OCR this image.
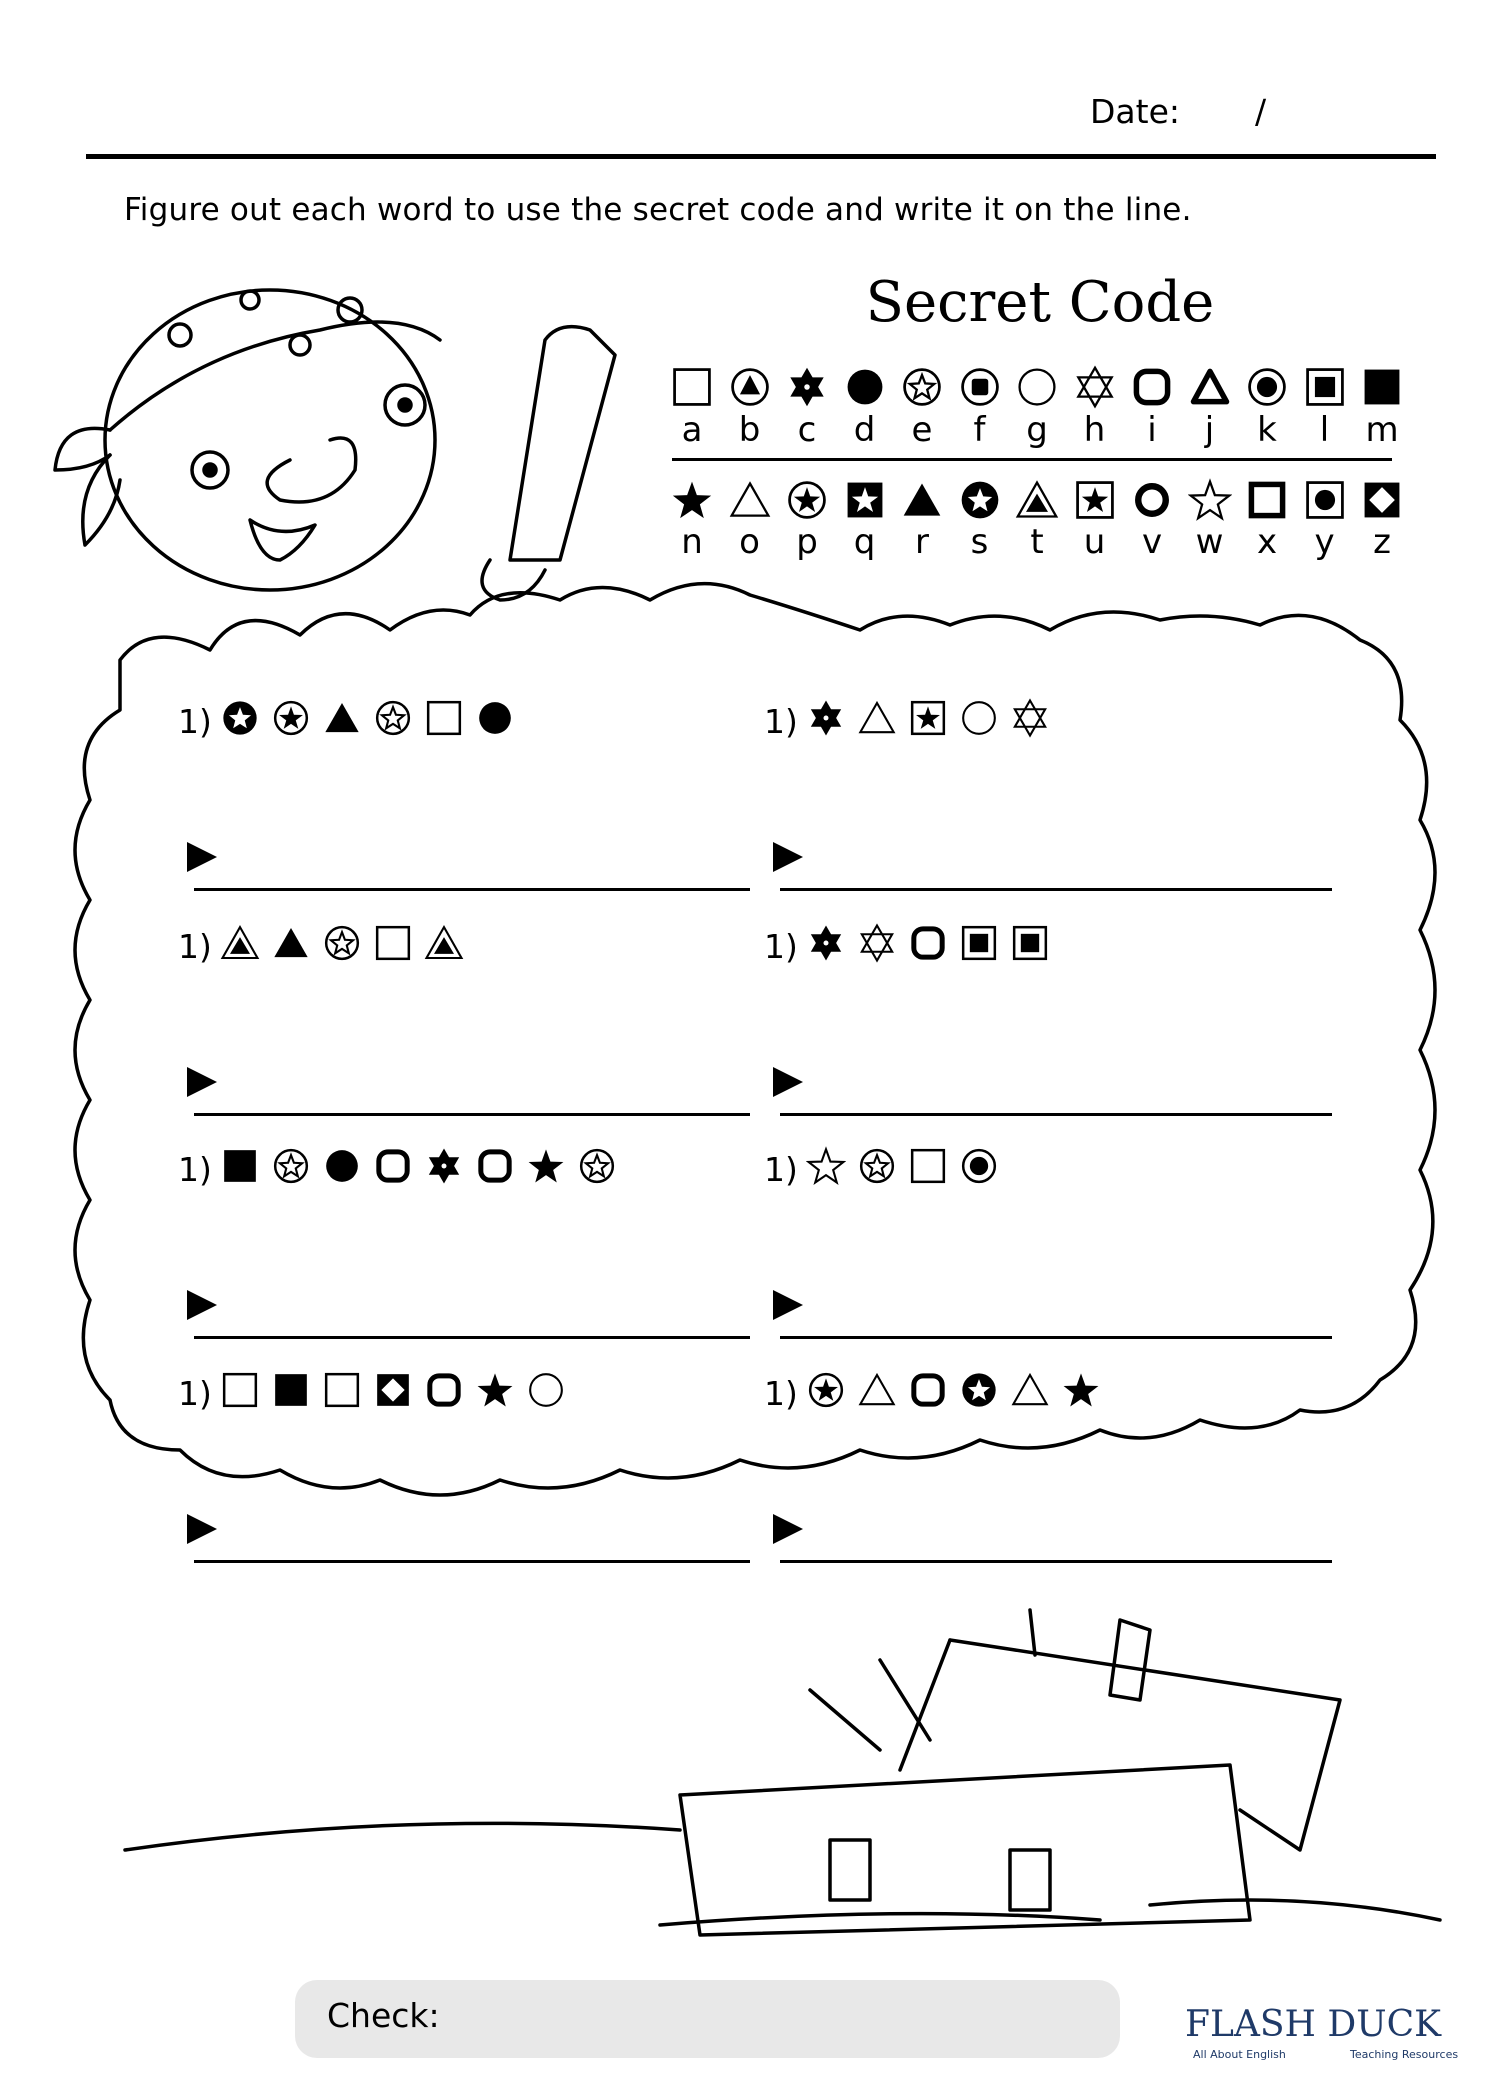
Date: /
Figure out each word to use the secret code and write it on the line.
Secret Code
a	b	c	d	e	f	g	h	i	j	k	l	m
n	o	p	q	r	s	t	u	v w x	y	z
1)	1)
1)	1)
1)	1)
1)	1)
Check:	FLASH DUCK
All About English	Teaching Resources
